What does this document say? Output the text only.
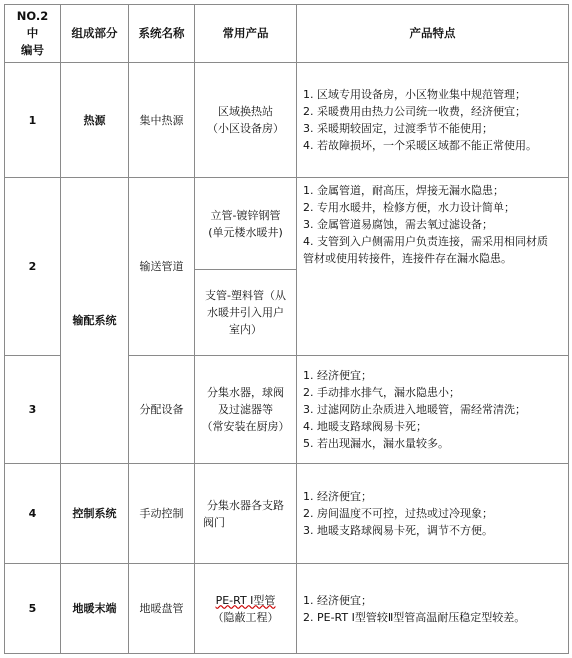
NO.2 中
编号	组成部分	系统名称	常用产品	产品特点
1	热源	集中热源	区域换热站
（小区设备房）	1. 区域专用设备房，小区物业集中规范管理；
2. 采暖费用由热力公司统一收费，经济便宜；
3. 采暖期较固定，过渡季节不能使用；
4. 若故障损坏，一个采暖区域都不能正常使用。

2	输配系统	输送管道	立管-镀锌钢管
(单元楼水暖井)	1. 金属管道，耐高压，焊接无漏水隐患；
2. 专用水暖井，检修方便，水力设计简单；
3. 金属管道易腐蚀，需去氧过滤设备；
4. 支管到入户侧需用户负责连接，需采用相同材质
管材或使用转接件，连接件存在漏水隐患。

			支管-塑料管（从
水暖井引入用户
室内）	

3		分配设备	分集水器，球阀
及过滤器等
（常安装在厨房）	1. 经济便宜；
2. 手动排水排气，漏水隐患小；
3. 过滤网防止杂质进入地暖管，需经常清洗；
4. 地暖支路球阀易卡死；
5. 若出现漏水，漏水量较多。

4	控制系统	手动控制	分集水器各支路
阀门	1. 经济便宜；
2. 房间温度不可控，过热或过冷现象；
3. 地暖支路球阀易卡死，调节不方便。

5	地暖末端	地暖盘管	PE-RT Ⅰ型管
（隐蔽工程）	1. 经济便宜；
2. PE-RT Ⅰ型管较Ⅱ型管高温耐压稳定型较差。
